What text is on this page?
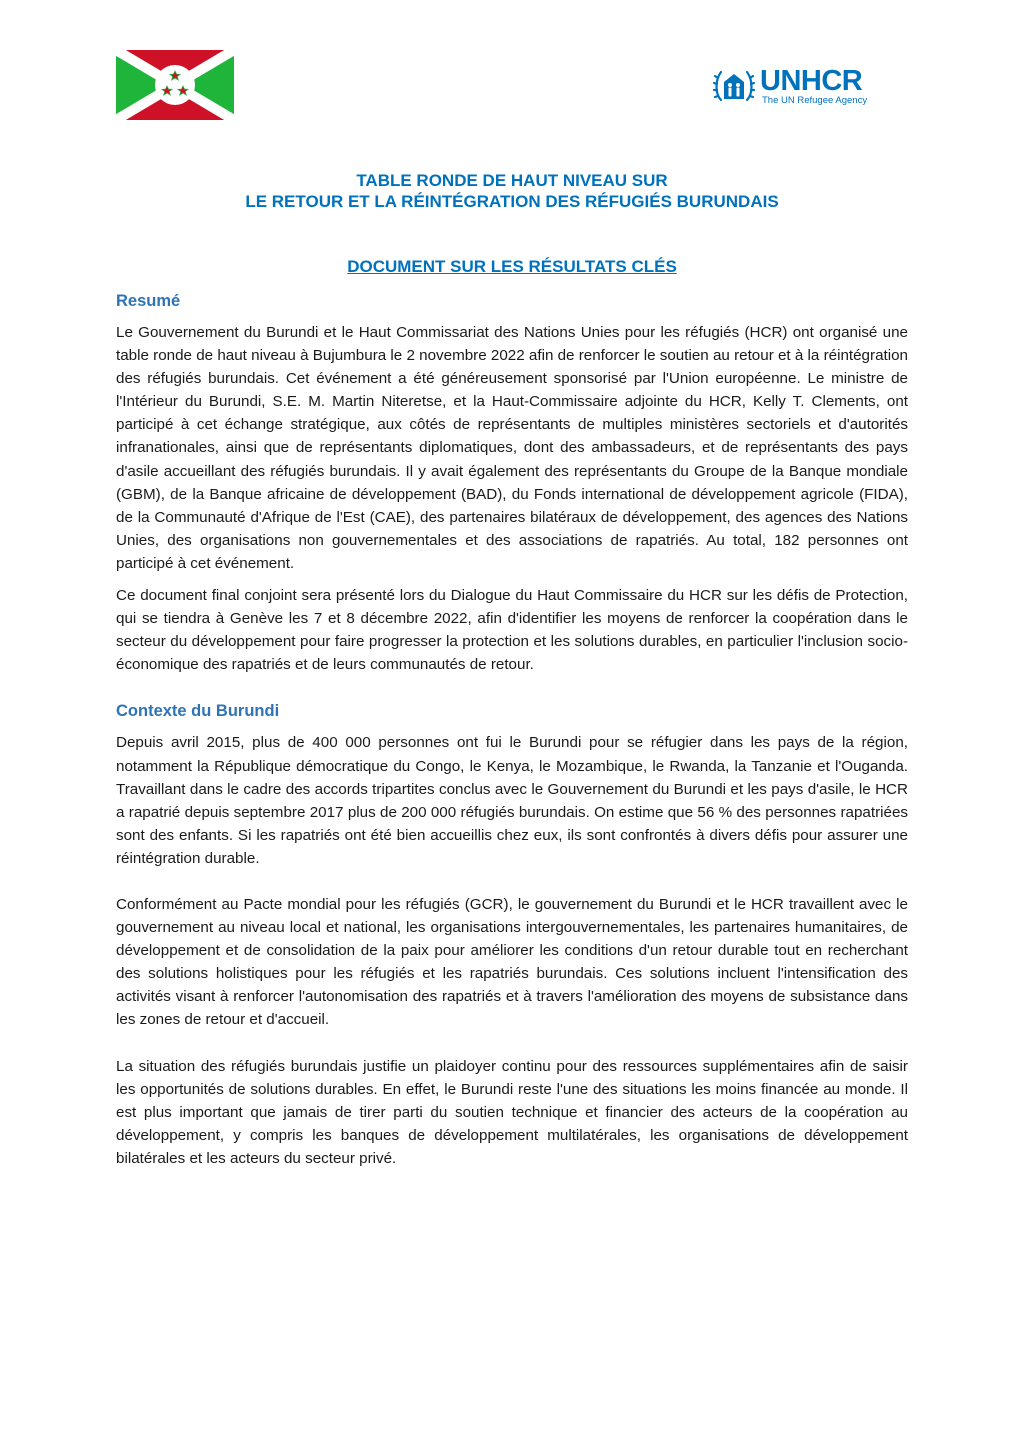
UNHCR
The UN Refugee Agency
TABLE RONDE DE HAUT NIVEAU SUR
LE RETOUR ET LA RÉINTÉGRATION DES RÉFUGIÉS BURUNDAIS
DOCUMENT SUR LES RÉSULTATS CLÉS
Resumé

Le Gouvernement du Burundi et le Haut Commissariat des Nations Unies pour les réfugiés (HCR) ont organisé une table ronde de haut niveau à Bujumbura le 2 novembre 2022 afin de renforcer le soutien au retour et à la réintégration des réfugiés burundais. Cet événement a été généreusement sponsorisé par l'Union européenne. Le ministre de l'Intérieur du Burundi, S.E. M. Martin Niteretse, et la Haut-Commissaire adjointe du HCR, Kelly T. Clements, ont participé à cet échange stratégique, aux côtés de représentants de multiples ministères sectoriels et d'autorités infranationales, ainsi que de représentants diplomatiques, dont des ambassadeurs, et de représentants des pays d'asile accueillant des réfugiés burundais. Il y avait également des représentants du Groupe de la Banque mondiale (GBM), de la Banque africaine de développement (BAD), du Fonds international de développement agricole (FIDA), de la Communauté d'Afrique de l'Est (CAE), des partenaires bilatéraux de développement, des agences des Nations Unies, des organisations non gouvernementales et des associations de rapatriés. Au total, 182 personnes ont participé à cet événement.

Ce document final conjoint sera présenté lors du Dialogue du Haut Commissaire du HCR sur les défis de Protection, qui se tiendra à Genève les 7 et 8 décembre 2022, afin d'identifier les moyens de renforcer la coopération dans le secteur du développement pour faire progresser la protection et les solutions durables, en particulier l'inclusion socio-économique des rapatriés et de leurs communautés de retour.

Contexte du Burundi

Depuis avril 2015, plus de 400 000 personnes ont fui le Burundi pour se réfugier dans les pays de la région, notamment la République démocratique du Congo, le Kenya, le Mozambique, le Rwanda, la Tanzanie et l'Ouganda. Travaillant dans le cadre des accords tripartites conclus avec le Gouvernement du Burundi et les pays d'asile, le HCR a rapatrié depuis septembre 2017 plus de 200 000 réfugiés burundais. On estime que 56 % des personnes rapatriées sont des enfants. Si les rapatriés ont été bien accueillis chez eux, ils sont confrontés à divers défis pour assurer une réintégration durable.

Conformément au Pacte mondial pour les réfugiés (GCR), le gouvernement du Burundi et le HCR travaillent avec le gouvernement au niveau local et national, les organisations intergouvernementales, les partenaires humanitaires, de développement et de consolidation de la paix pour améliorer les conditions d'un retour durable tout en recherchant des solutions holistiques pour les réfugiés et les rapatriés burundais. Ces solutions incluent l'intensification des activités visant à renforcer l'autonomisation des rapatriés et à travers l'amélioration des moyens de subsistance dans les zones de retour et d'accueil.

La situation des réfugiés burundais justifie un plaidoyer continu pour des ressources supplémentaires afin de saisir les opportunités de solutions durables. En effet, le Burundi reste l'une des situations les moins financée au monde. Il est plus important que jamais de tirer parti du soutien technique et financier des acteurs de la coopération au développement, y compris les banques de développement multilatérales, les organisations de développement bilatérales et les acteurs du secteur privé.
